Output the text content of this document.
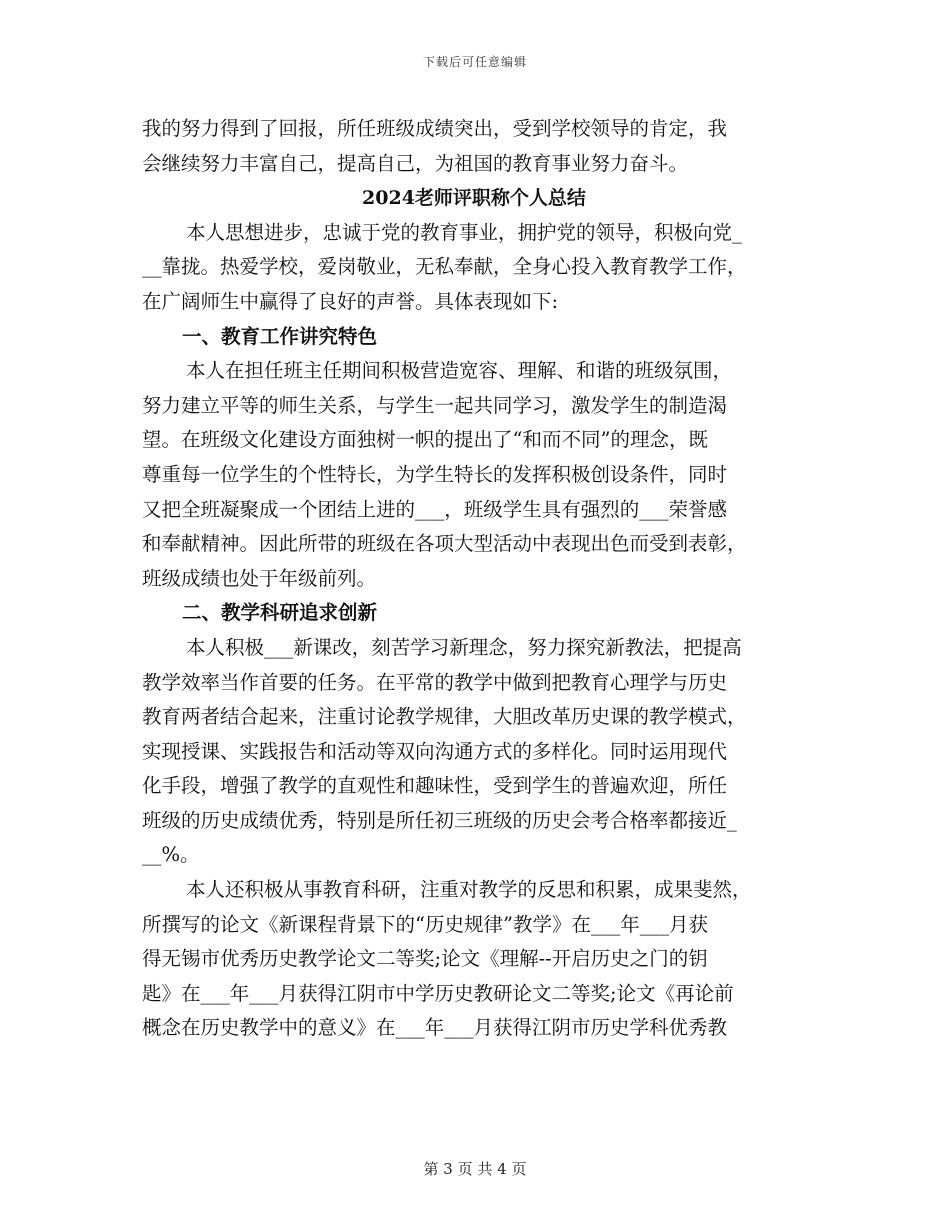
下载后可任意编辑
我的努力得到了回报，所任班级成绩突出，受到学校领导的肯定，我
会继续努力丰富自己，提高自己，为祖国的教育事业努力奋斗。
2024老师评职称个人总结
本人思想进步，忠诚于党的教育事业，拥护党的领导，积极向党_
__靠拢。热爱学校，爱岗敬业，无私奉献，全身心投入教育教学工作，
在广阔师生中赢得了良好的声誉。具体表现如下:
一、教育工作讲究特色
本人在担任班主任期间积极营造宽容、理解、和谐的班级氛围，
努力建立平等的师生关系，与学生一起共同学习，激发学生的制造渴
望。在班级文化建设方面独树一帜的提出了“和而不同”的理念，既
尊重每一位学生的个性特长，为学生特长的发挥积极创设条件，同时
又把全班凝聚成一个团结上进的___，班级学生具有强烈的___荣誉感
和奉献精神。因此所带的班级在各项大型活动中表现出色而受到表彰，
班级成绩也处于年级前列。
二、教学科研追求创新
本人积极___新课改，刻苦学习新理念，努力探究新教法，把提高
教学效率当作首要的任务。在平常的教学中做到把教育心理学与历史
教育两者结合起来，注重讨论教学规律，大胆改革历史课的教学模式，
实现授课、实践报告和活动等双向沟通方式的多样化。同时运用现代
化手段，增强了教学的直观性和趣味性，受到学生的普遍欢迎，所任
班级的历史成绩优秀，特别是所任初三班级的历史会考合格率都接近_
__%。
本人还积极从事教育科研，注重对教学的反思和积累，成果斐然，
所撰写的论文《新课程背景下的“历史规律”教学》在___年___月获
得无锡市优秀历史教学论文二等奖;论文《理解--开启历史之门的钥
匙》在___年___月获得江阴市中学历史教研论文二等奖;论文《再论前
概念在历史教学中的意义》在___年___月获得江阴市历史学科优秀教
第 3 页 共 4 页
